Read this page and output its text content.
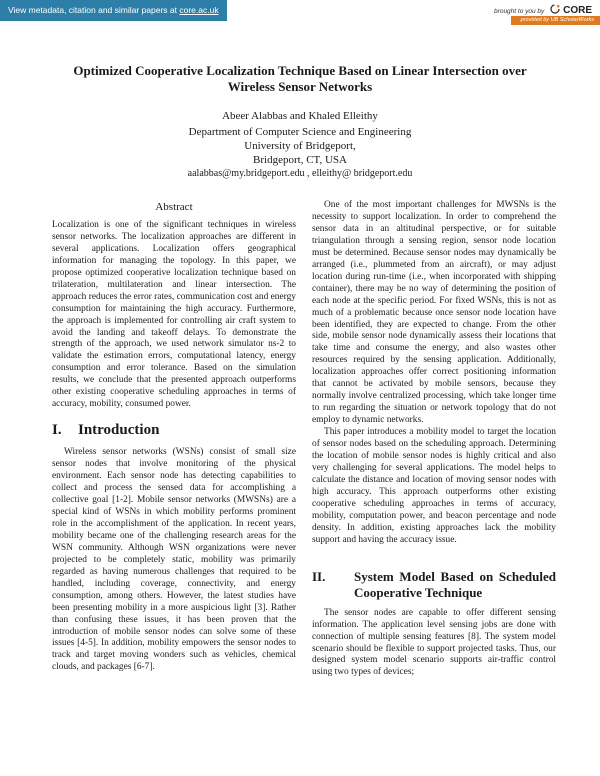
View metadata, citation and similar papers at core.ac.uk	brought to you by CORE
provided by UB ScholarWorks
Optimized Cooperative Localization Technique Based on Linear Intersection over
Wireless Sensor Networks
Abeer Alabbas and Khaled Elleithy
Department of Computer Science and Engineering
University of Bridgeport,
Bridgeport, CT, USA
aalabbas@my.bridgeport.edu , elleithy@ bridgeport.edu
Abstract

Localization is one of the significant techniques in wireless sensor networks. The localization approaches are different in several applications. Localization offers geographical information for managing the topology. In this paper, we propose optimized cooperative localization technique based on trilateration, multilateration and linear intersection. The approach reduces the error rates, communication cost and energy consumption for maintaining the high accuracy. Furthermore, the approach is implemented for controlling air craft system to avoid the landing and takeoff delays. To demonstrate the strength of the approach, we used network simulator ns-2 to validate the estimation errors, computational latency, energy consumption and error tolerance. Based on the simulation results, we conclude that the presented approach outperforms other existing cooperative scheduling approaches in terms of accuracy, mobility, consumed power.

I. Introduction

Wireless sensor networks (WSNs) consist of small size sensor nodes that involve monitoring of the physical environment. Each sensor node has detecting capabilities to collect and process the sensed data for accomplishing a collective goal [1-2]. Mobile sensor networks (MWSNs) are a special kind of WSNs in which mobility performs prominent role in the accomplishment of the application. In recent years, mobility became one of the challenging research areas for the WSN community. Although WSN organizations were never projected to be completely static, mobility was primarily regarded as having numerous challenges that required to be handled, including coverage, connectivity, and energy consumption, among others. However, the latest studies have been presenting mobility in a more auspicious light [3]. Rather than confusing these issues, it has been proven that the introduction of mobile sensor nodes can solve some of these issues [4-5]. In addition, mobility empowers the sensor nodes to track and target moving wonders such as vehicles, chemical clouds, and packages [6-7].

One of the most important challenges for MWSNs is the necessity to support localization. In order to comprehend the sensor data in an altitudinal perspective, or for suitable triangulation through a sensing region, sensor node location must be determined. Because sensor nodes may dynamically be arranged (i.e., plummeted from an aircraft), or may adjust location during run-time (i.e., when incorporated with shipping container), there may be no way of determining the position of each node at the specific period. For fixed WSNs, this is not as much of a problematic because once sensor node location have been identified, they are expected to change. From the other side, mobile sensor node dynamically assess their locations that take time and consume the energy, and also wastes other resources required by the sensing application. Additionally, localization approaches offer correct positioning information that cannot be activated by mobile sensors, because they normally involve centralized processing, which take longer time to run regarding the situation or network topology that do not employ to dynamic networks.

This paper introduces a mobility model to target the location of sensor nodes based on the scheduling approach. Determining the location of mobile sensor nodes is highly critical and also very challenging for several applications. The model helps to calculate the distance and location of moving sensor nodes with high accuracy. This approach outperforms other existing cooperative scheduling approaches in terms of accuracy, mobility, computation power, and beacon percentage and node density. In addition, existing approaches lack the mobility support and having the accuracy issue.

II.	System Model Based on Scheduled Cooperative Technique

The sensor nodes are capable to offer different sensing information. The application level sensing jobs are done with connection of multiple sensing features [8]. The system model scenario should be flexible to support projected tasks. Thus, our designed system model scenario supports air-traffic control using two types of devices;
